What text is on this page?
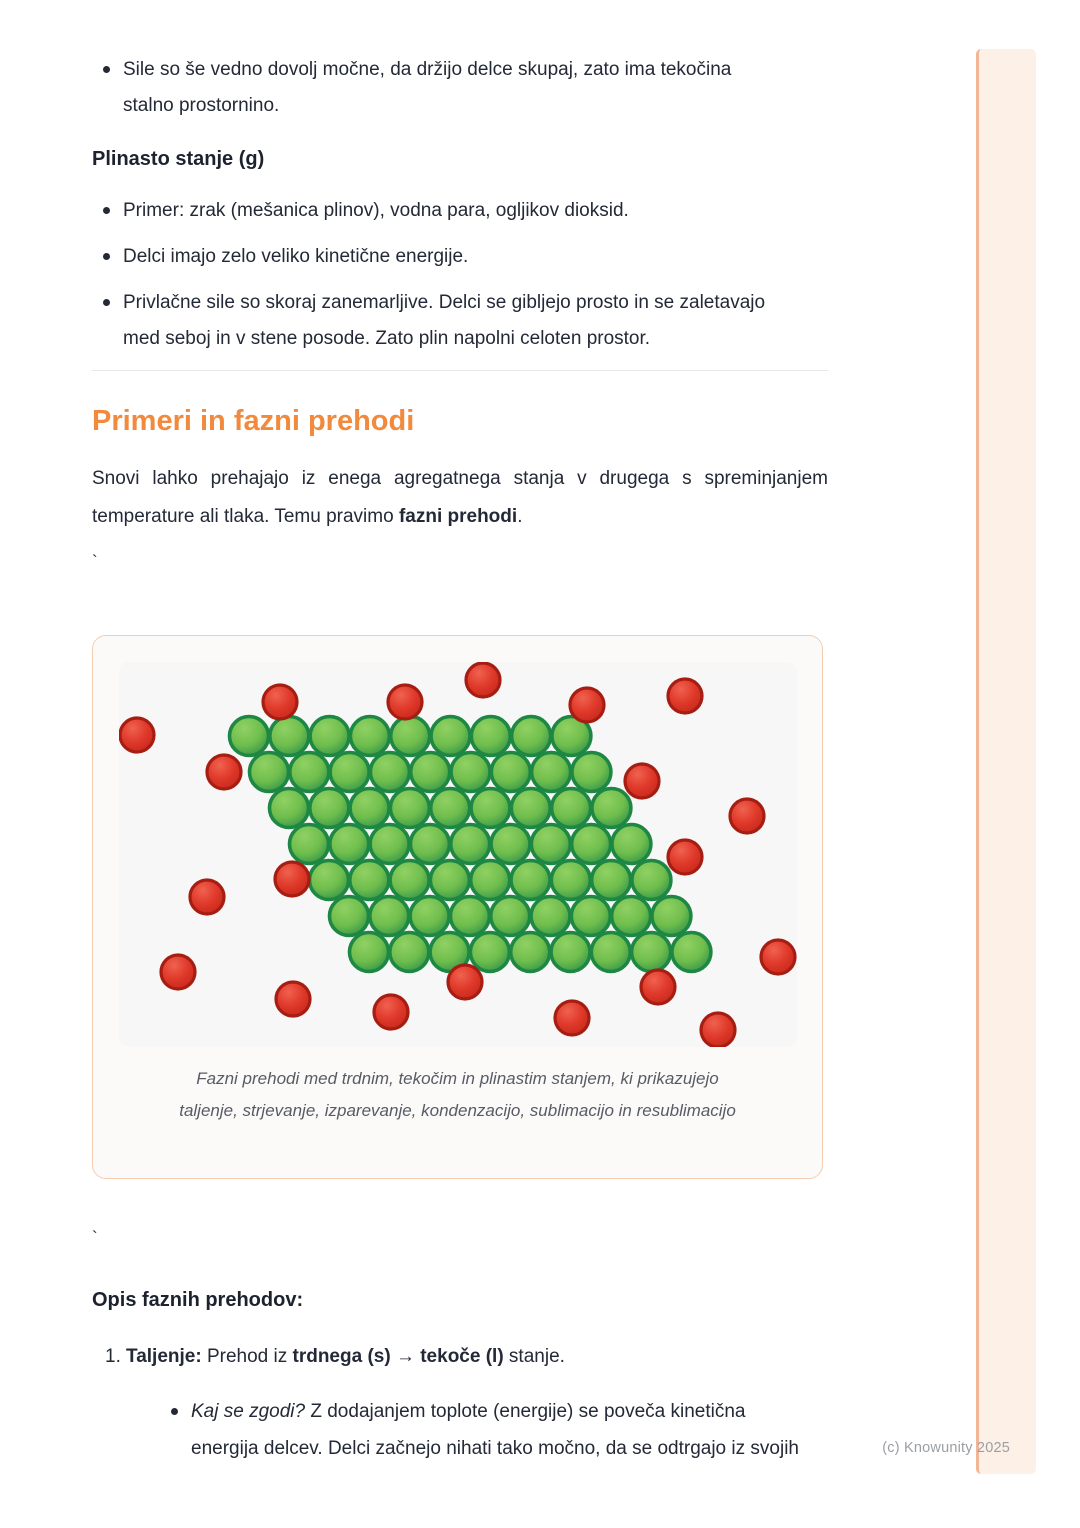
Sile so še vedno dovolj močne, da držijo delce skupaj, zato ima tekočina
stalno prostornino.
Plinasto stanje (g)
Primer: zrak (mešanica plinov), vodna para, ogljikov dioksid.
Delci imajo zelo veliko kinetične energije.
Privlačne sile so skoraj zanemarljive. Delci se gibljejo prosto in se zaletavajo
med seboj in v stene posode. Zato plin napolni celoten prostor.
Primeri in fazni prehodi

Snovi lahko prehajajo iz enega agregatnega stanja v drugega s spreminjanjem temperature ali tlaka. Temu pravimo fazni prehodi.

`
Fazni prehodi med trdnim, tekočim in plinastim stanjem, ki prikazujejo
taljenje, strjevanje, izparevanje, kondenzacijo, sublimacijo in resublimacijo
`
Opis faznih prehodov:
1. Taljenje: Prehod iz trdnega (s) → tekoče (l) stanje.
Kaj se zgodi? Z dodajanjem toplote (energije) se poveča kinetična
energija delcev. Delci začnejo nihati tako močno, da se odtrgajo iz svojih	(c) Knowunity 2025
